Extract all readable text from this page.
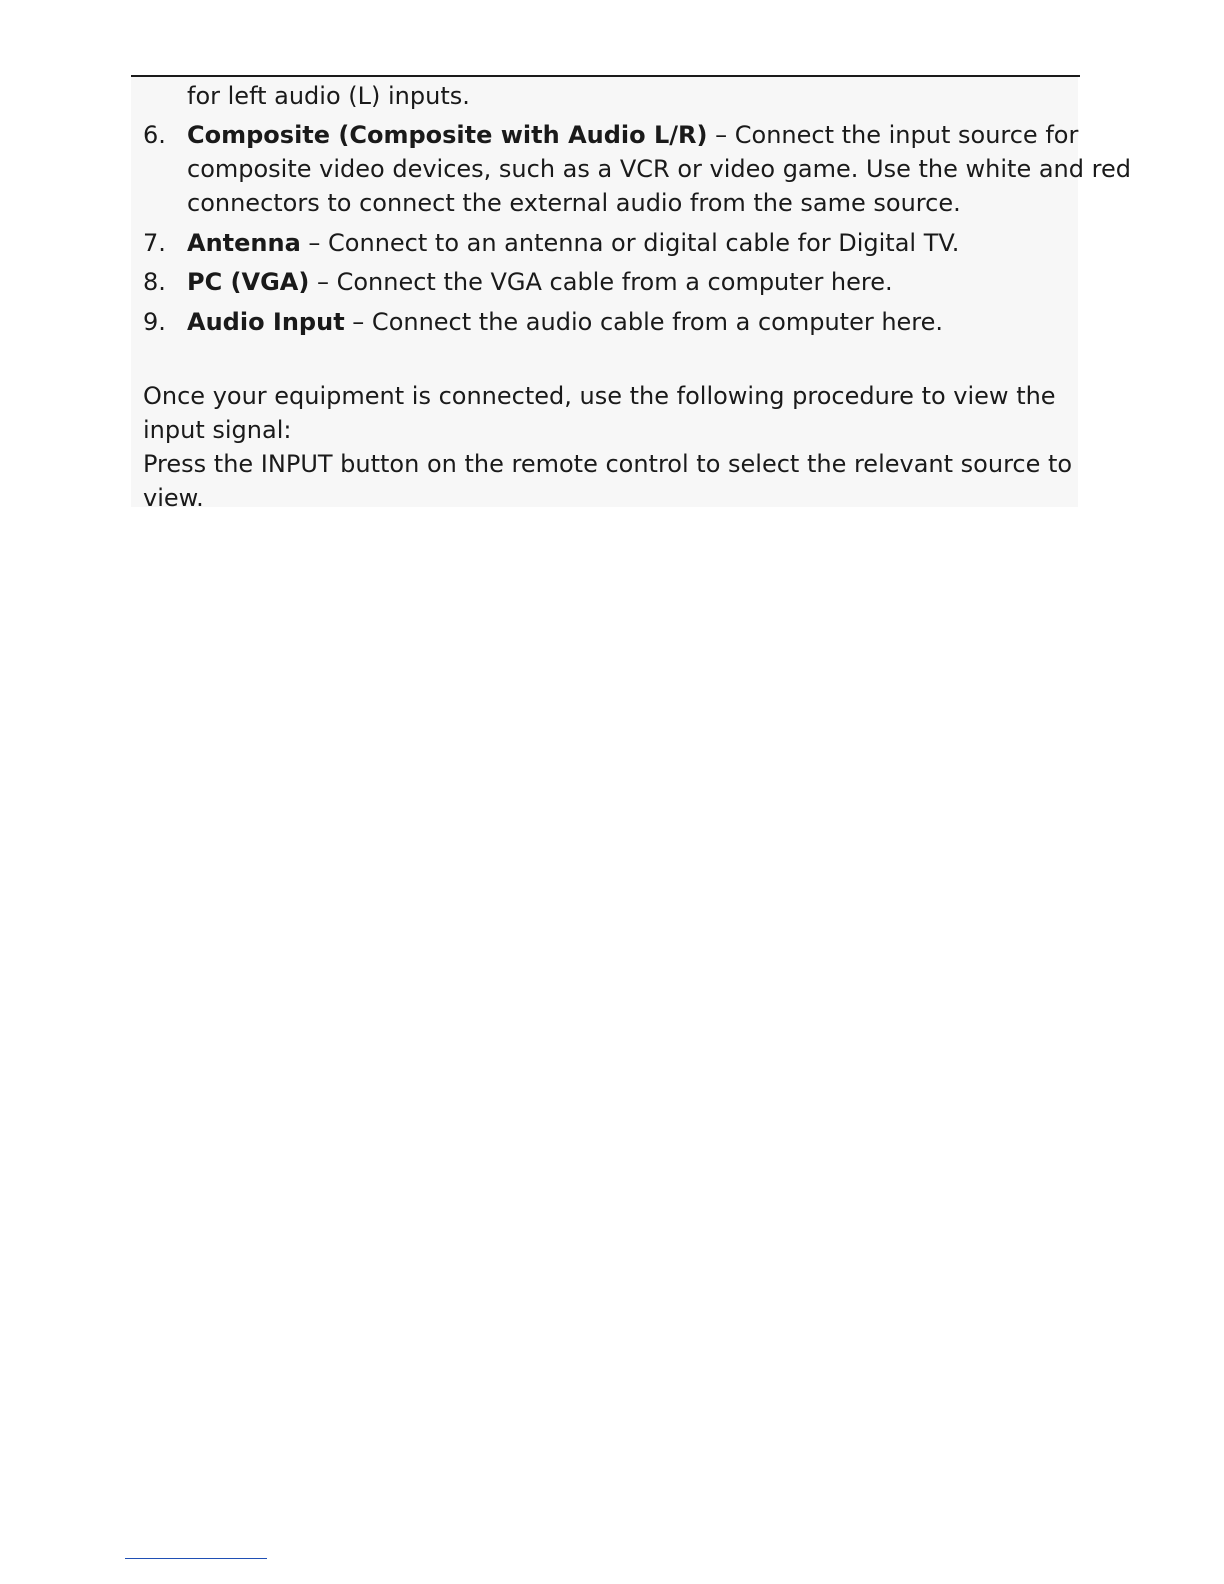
for left audio (L) inputs.
6. Composite (Composite with Audio L/R) – Connect the input source for
composite video devices, such as a VCR or video game. Use the white and red
connectors to connect the external audio from the same source.
7. Antenna – Connect to an antenna or digital cable for Digital TV.
8. PC (VGA) – Connect the VGA cable from a computer here.
9. Audio Input – Connect the audio cable from a computer here.
Once your equipment is connected, use the following procedure to view the
input signal:
Press the INPUT button on the remote control to select the relevant source to
view.
